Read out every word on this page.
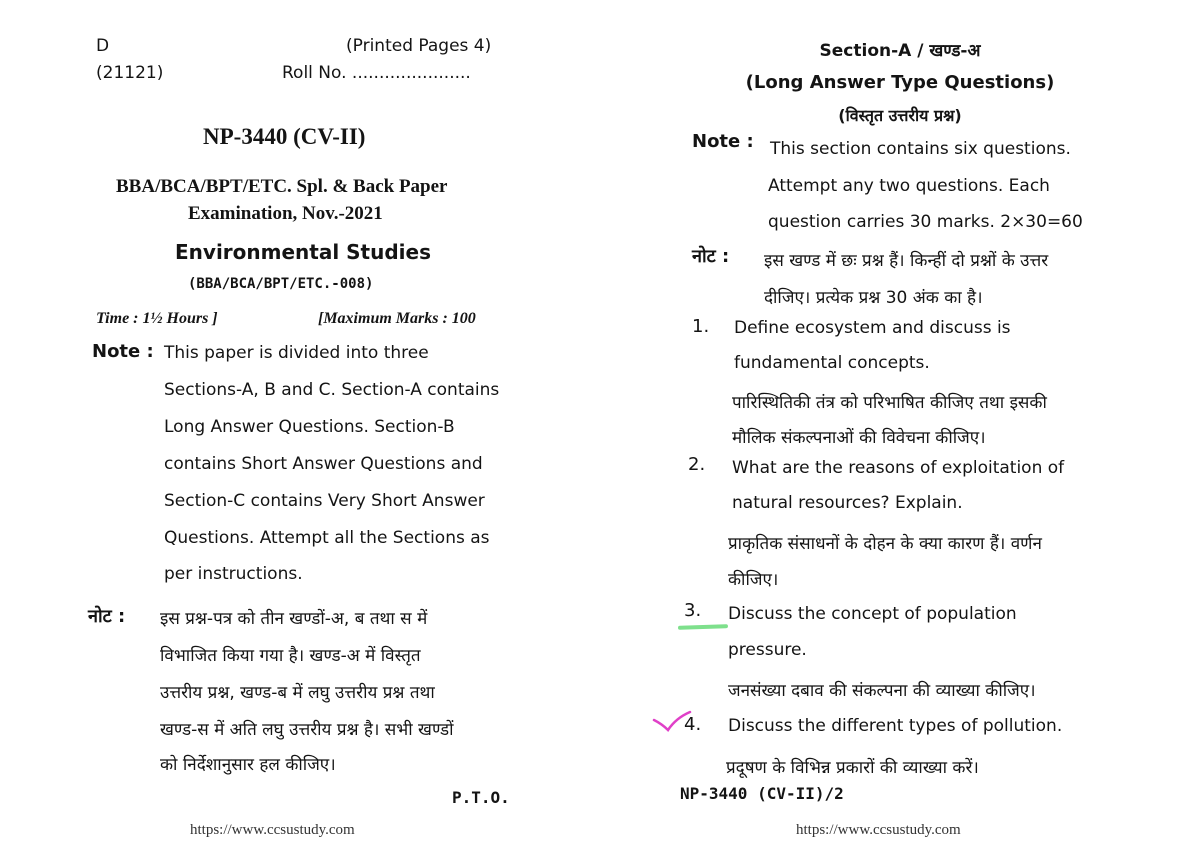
D	(Printed Pages 4)
(21121)	Roll No. ......................
NP-3440 (CV-II)
BBA/BCA/BPT/ETC. Spl. & Back Paper
Examination, Nov.-2021
Environmental Studies
(BBA/BCA/BPT/ETC.-008)
Time : 1½ Hours ]	[Maximum Marks : 100
Note : This paper is divided into three
Sections-A, B and C. Section-A contains
Long Answer Questions. Section-B
contains Short Answer Questions and
Section-C contains Very Short Answer
Questions. Attempt all the Sections as
per instructions.
नोट : इस प्रश्न-पत्र को तीन खण्डों-अ, ब तथा स में
विभाजित किया गया है। खण्ड-अ में विस्तृत
उत्तरीय प्रश्न, खण्ड-ब में लघु उत्तरीय प्रश्न तथा
खण्ड-स में अति लघु उत्तरीय प्रश्न है। सभी खण्डों
को निर्देशानुसार हल कीजिए।
P.T.O.
https://www.ccsustudy.com
Section-A / खण्ड-अ
(Long Answer Type Questions)
(विस्तृत उत्तरीय प्रश्न)
Note : This section contains six questions.
Attempt any two questions. Each
question carries 30 marks. 2×30=60
नोट : इस खण्ड में छः प्रश्न हैं। किन्हीं दो प्रश्नों के उत्तर
दीजिए। प्रत्येक प्रश्न 30 अंक का है।
1. Define ecosystem and discuss is
fundamental concepts.
पारिस्थितिकी तंत्र को परिभाषित कीजिए तथा इसकी
मौलिक संकल्पनाओं की विवेचना कीजिए।
2. What are the reasons of exploitation of
natural resources? Explain.
प्राकृतिक संसाधनों के दोहन के क्या कारण हैं। वर्णन
कीजिए।
3. Discuss the concept of population
pressure.
जनसंख्या दबाव की संकल्पना की व्याख्या कीजिए।
4. Discuss the different types of pollution.
प्रदूषण के विभिन्न प्रकारों की व्याख्या करें।
NP-3440 (CV-II)/2
https://www.ccsustudy.com
